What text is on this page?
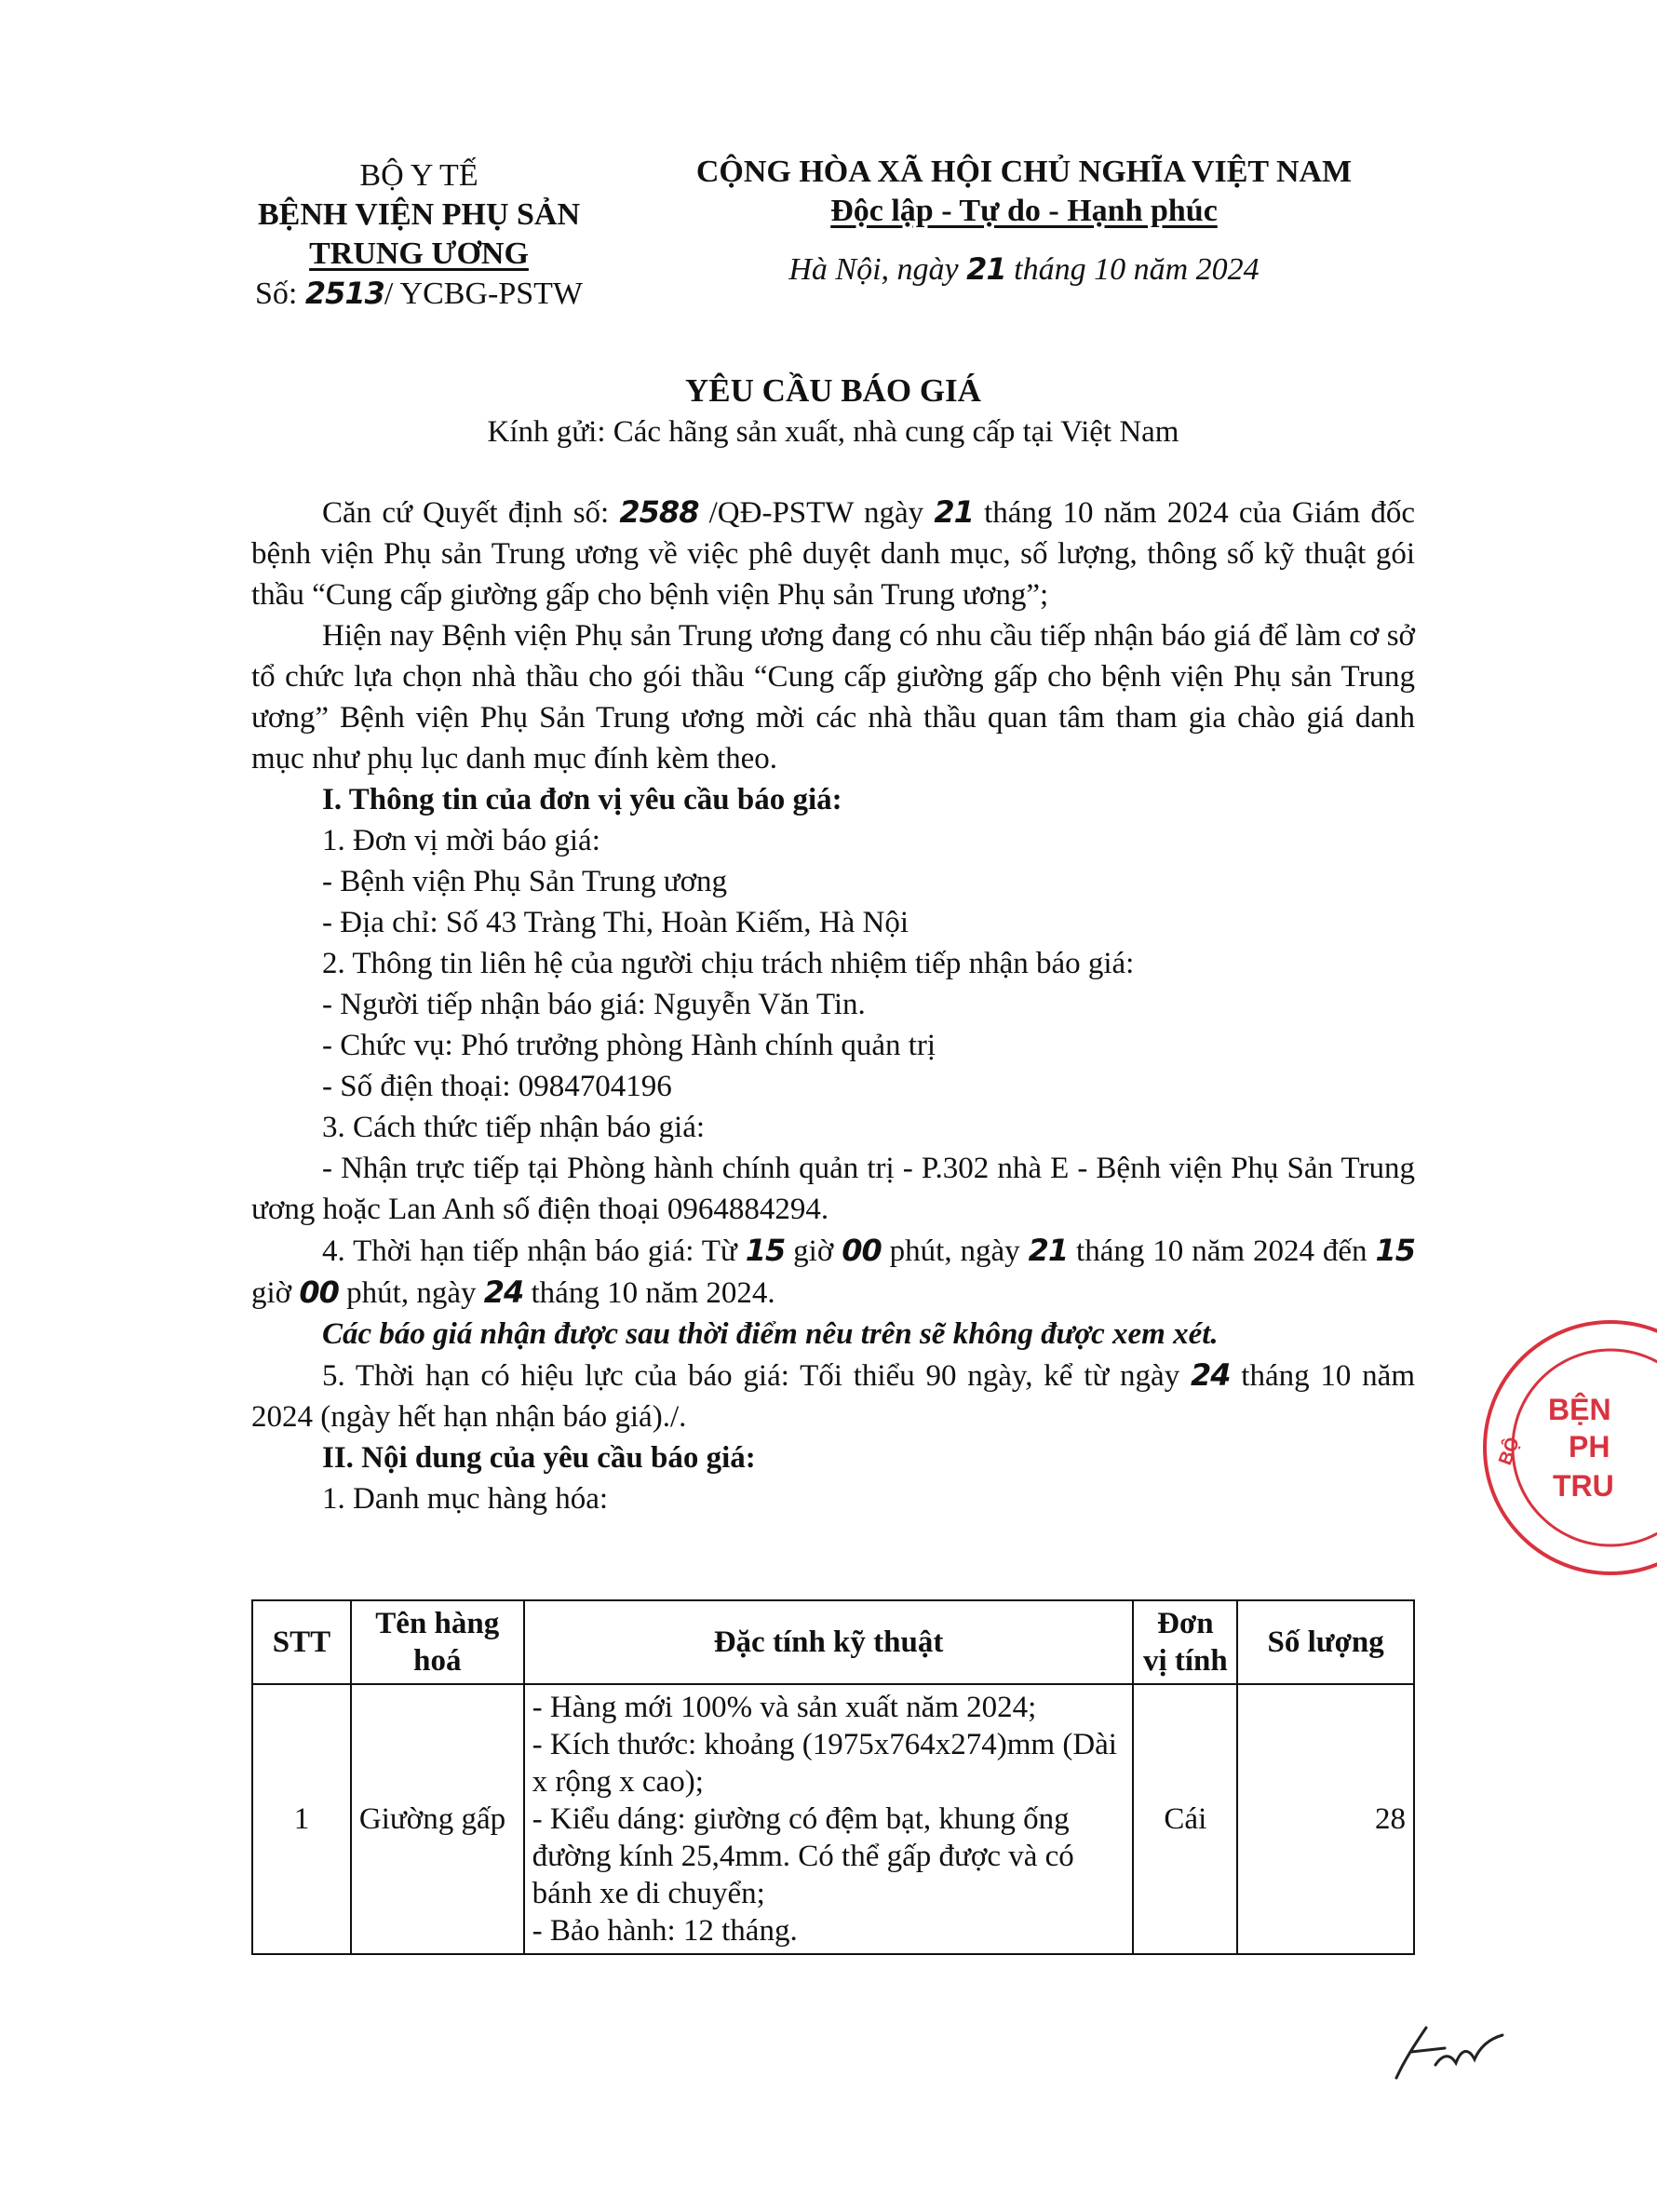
BỘ Y TẾ
BỆNH VIỆN PHỤ SẢN
TRUNG ƯƠNG
Số: 2513/ YCBG-PSTW
CỘNG HÒA XÃ HỘI CHỦ NGHĨA VIỆT NAM
Độc lập - Tự do - Hạnh phúc
Hà Nội, ngày 21 tháng 10 năm 2024
YÊU CẦU BÁO GIÁ
Kính gửi: Các hãng sản xuất, nhà cung cấp tại Việt Nam

Căn cứ Quyết định số: 2588 /QĐ-PSTW ngày 21 tháng 10 năm 2024 của Giám đốc bệnh viện Phụ sản Trung ương về việc phê duyệt danh mục, số lượng, thông số kỹ thuật gói thầu “Cung cấp giường gấp cho bệnh viện Phụ sản Trung ương”;

Hiện nay Bệnh viện Phụ sản Trung ương đang có nhu cầu tiếp nhận báo giá để làm cơ sở tổ chức lựa chọn nhà thầu cho gói thầu “Cung cấp giường gấp cho bệnh viện Phụ sản Trung ương” Bệnh viện Phụ Sản Trung ương mời các nhà thầu quan tâm tham gia chào giá danh mục như phụ lục danh mục đính kèm theo.

I. Thông tin của đơn vị yêu cầu báo giá:

1. Đơn vị mời báo giá:

- Bệnh viện Phụ Sản Trung ương

- Địa chỉ: Số 43 Tràng Thi, Hoàn Kiếm, Hà Nội

2. Thông tin liên hệ của người chịu trách nhiệm tiếp nhận báo giá:

- Người tiếp nhận báo giá: Nguyễn Văn Tin.

- Chức vụ: Phó trưởng phòng Hành chính quản trị

- Số điện thoại: 0984704196

3. Cách thức tiếp nhận báo giá:

- Nhận trực tiếp tại Phòng hành chính quản trị - P.302 nhà E - Bệnh viện Phụ Sản Trung ương hoặc Lan Anh số điện thoại 0964884294.

4. Thời hạn tiếp nhận báo giá: Từ 15 giờ 00 phút, ngày 21 tháng 10 năm 2024 đến 15 giờ 00 phút, ngày 24 tháng 10 năm 2024.

Các báo giá nhận được sau thời điểm nêu trên sẽ không được xem xét.

5. Thời hạn có hiệu lực của báo giá: Tối thiểu 90 ngày, kể từ ngày 24 tháng 10 năm 2024 (ngày hết hạn nhận báo giá)./.

II. Nội dung của yêu cầu báo giá:

1. Danh mục hàng hóa:

STT	Tên hàng hoá	Đặc tính kỹ thuật	Đơn vị tính	Số lượng
1	Giường gấp	- Hàng mới 100% và sản xuất năm 2024;
- Kích thước: khoảng (1975x764x274)mm (Dài x rộng x cao);
- Kiểu dáng: giường có đệm bạt, khung ống đường kính 25,4mm. Có thể gấp được và có bánh xe di chuyển;
- Bảo hành: 12 tháng.	Cái	28
BỘ
BỆN
PH
TRU
